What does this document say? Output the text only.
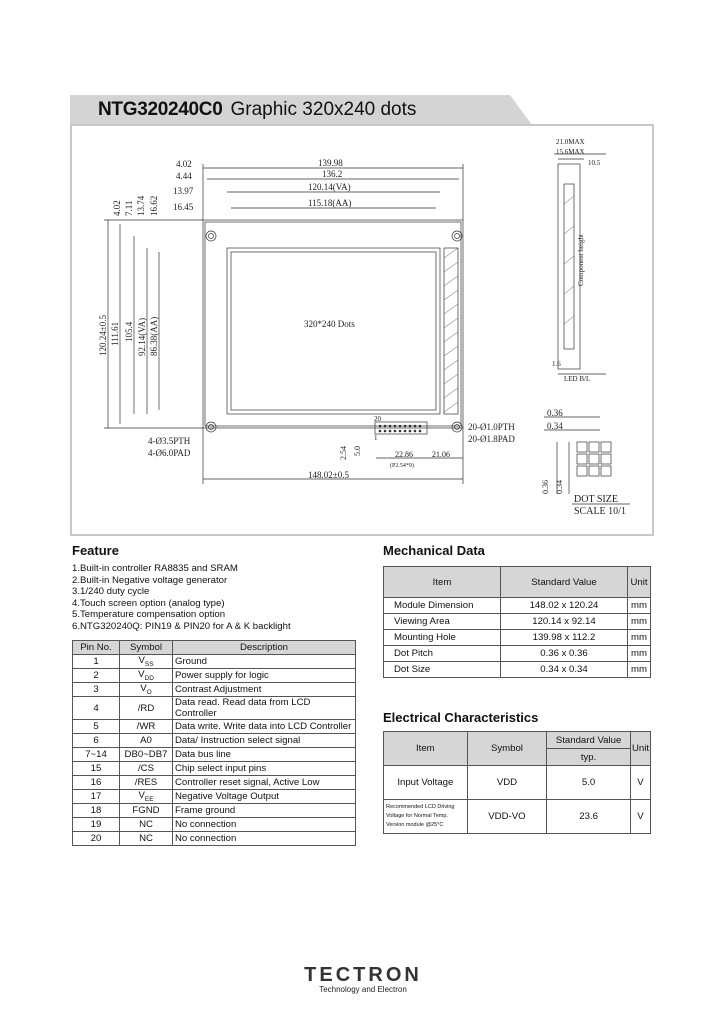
NTG320240C0 Graphic 320x240 dots
4.02
4.44
13.97
16.45
139.98
136.2
120.14(VA)
115.18(AA)
4.02 7.11 13.74 16.62
120.24±0.5 111.61 105.4 92.14(VA) 86.38(AA)	320*240 Dots
4-Ø3.5PTH
4-Ø6.0PAD
20-Ø1.0PTH
20-Ø1.8PAD
20
1
2.54 5.0	22.86
(P2.54*9)
21.06
148.02±0.5
21.0MAX
15.6MAX
10.5
Component height
1.6
LED B/L
0.36
0.34
0.36 0.34
DOT SIZE
SCALE 10/1
Feature
1.Built-in controller RA8835 and SRAM
2.Built-in Negative voltage generator
3.1/240 duty cycle
4.Touch screen option (analog type)
5.Temperature compensation option
6.NTG320240Q: PIN19 & PIN20 for A & K backlight
Pin No.	Symbol	Description
1	$V_{SS}$	Ground
2	$V_{DD}$	Power supply for logic
3	$V_O$	Contrast Adjustment
4	/RD	Data read. Read data from LCD Controller
5	/WR	Data write. Write data into LCD Controller
6	A0	Data/ Instruction select signal
7~14	DB0~DB7	Data bus line
15	/CS	Chip select input pins
16	/RES	Controller reset signal, Active Low
17	$V_{EE}$	Negative Voltage Output
18	FGND	Frame ground
19	NC	No connection
20	NC	No connection
Mechanical Data
Item	Standard Value	Unit
Module Dimension	148.02 x 120.24	mm
Viewing Area	120.14 x 92.14	mm
Mounting Hole	139.98 x 112.2	mm
Dot Pitch	0.36 x 0.36	mm
Dot Size	0.34 x 0.34	mm
Electrical Characteristics
Item	Symbol	Standard Value	Unit
		typ.	
Input Voltage	VDD	5.0	V

Recommended LCD Driving
Voltage for Normal Temp.
Version module @25°C	VDD-VO	23.6	V
TECTRON
Technology and Electron
